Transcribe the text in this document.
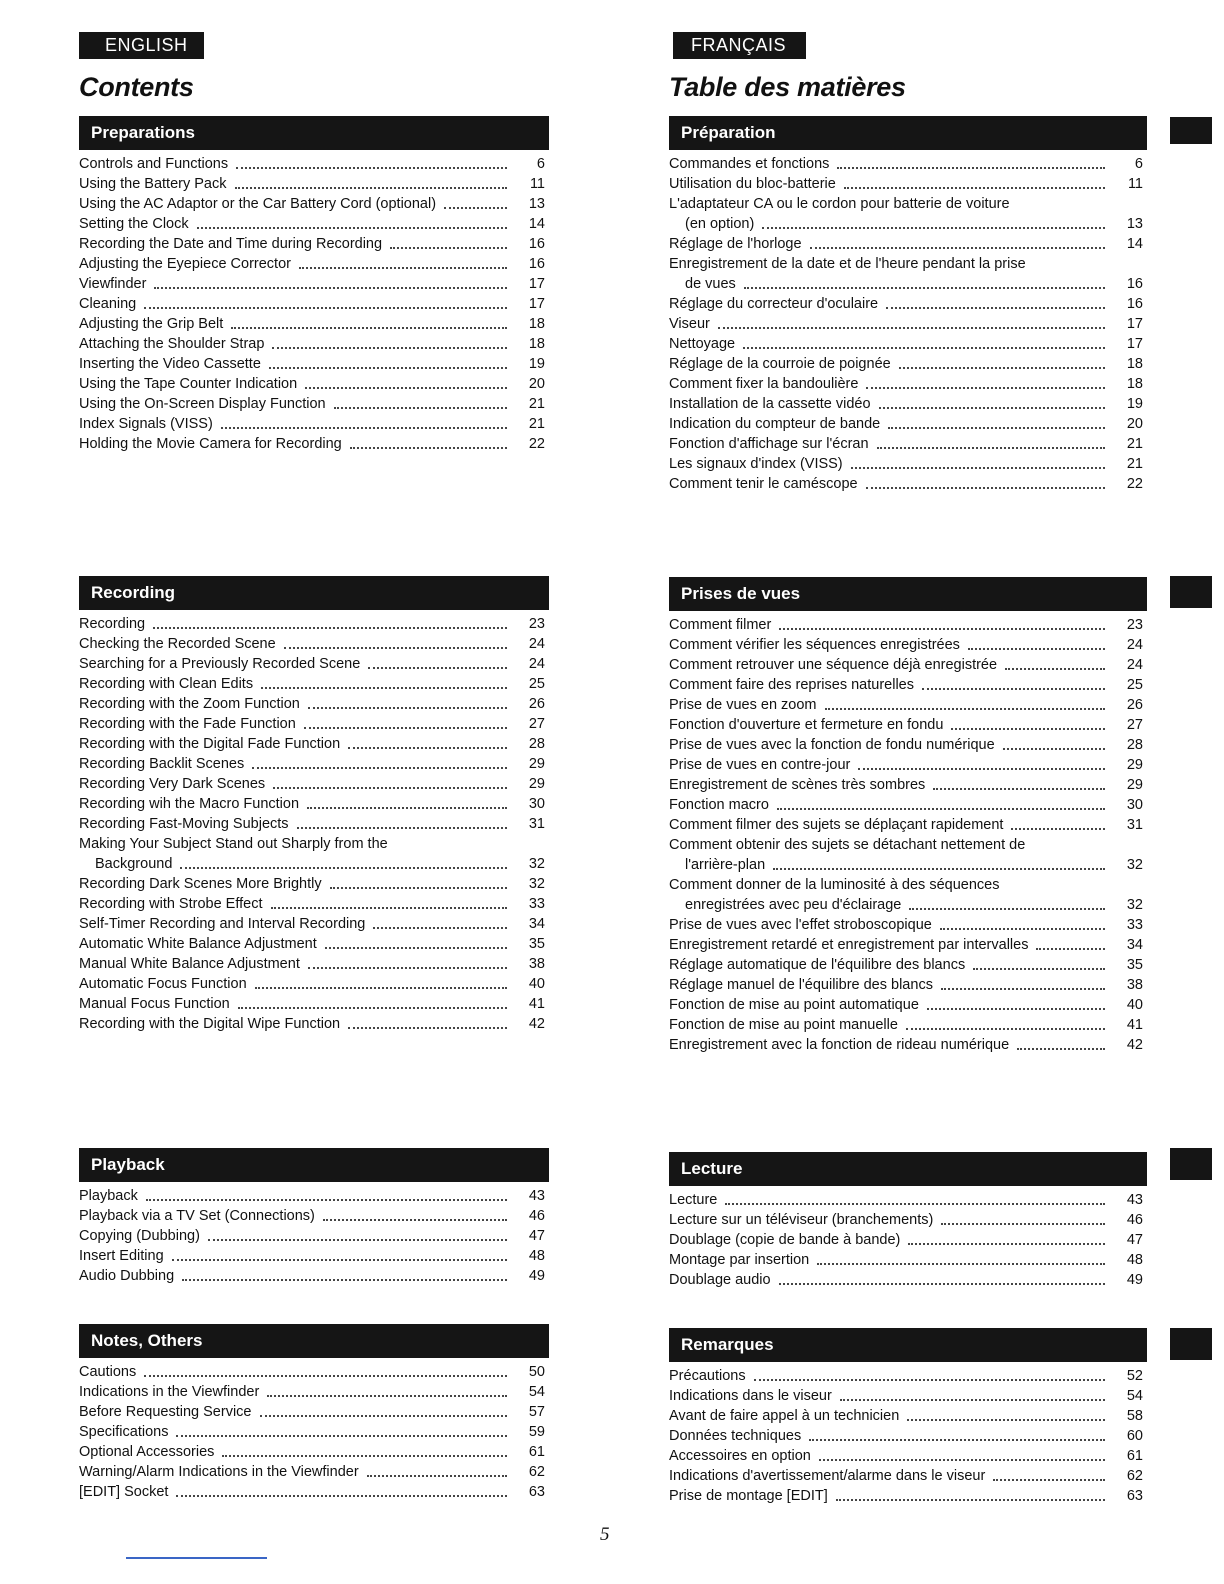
ENGLISH
Contents
Preparations
Controls and Functions	6
Using the Battery Pack	11
Using the AC Adaptor or the Car Battery Cord (optional)	13
Setting the Clock	14
Recording the Date and Time during Recording	16
Adjusting the Eyepiece Corrector	16
Viewfinder	17
Cleaning	17
Adjusting the Grip Belt	18
Attaching the Shoulder Strap	18
Inserting the Video Cassette	19
Using the Tape Counter Indication	20
Using the On-Screen Display Function	21
Index Signals (VISS)	21
Holding the Movie Camera for Recording	22
Recording
Recording	23
Checking the Recorded Scene	24
Searching for a Previously Recorded Scene	24
Recording with Clean Edits	25
Recording with the Zoom Function	26
Recording with the Fade Function	27
Recording with the Digital Fade Function	28
Recording Backlit Scenes	29
Recording Very Dark Scenes	29
Recording wih the Macro Function	30
Recording Fast-Moving Subjects	31
Making Your Subject Stand out Sharply from the
Background	32
Recording Dark Scenes More Brightly	32
Recording with Strobe Effect	33
Self-Timer Recording and Interval Recording	34
Automatic White Balance Adjustment	35
Manual White Balance Adjustment	38
Automatic Focus Function	40
Manual Focus Function	41
Recording with the Digital Wipe Function	42
Playback
Playback	43
Playback via a TV Set (Connections)	46
Copying (Dubbing)	47
Insert Editing	48
Audio Dubbing	49
Notes, Others
Cautions	50
Indications in the Viewfinder	54
Before Requesting Service	57
Specifications	59
Optional Accessories	61
Warning/Alarm Indications in the Viewfinder	62
[EDIT] Socket	63
FRANÇAIS
Table des matières
Préparation
Commandes et fonctions	6
Utilisation du bloc-batterie	11
L'adaptateur CA ou le cordon pour batterie de voiture
(en option)	13
Réglage de l'horloge	14
Enregistrement de la date et de l'heure pendant la prise
de vues	16
Réglage du correcteur d'oculaire	16
Viseur	17
Nettoyage	17
Réglage de la courroie de poignée	18
Comment fixer la bandoulière	18
Installation de la cassette vidéo	19
Indication du compteur de bande	20
Fonction d'affichage sur l'écran	21
Les signaux d'index (VISS)	21
Comment tenir le caméscope	22
Prises de vues
Comment filmer	23
Comment vérifier les séquences enregistrées	24
Comment retrouver une séquence déjà enregistrée	24
Comment faire des reprises naturelles	25
Prise de vues en zoom	26
Fonction d'ouverture et fermeture en fondu	27
Prise de vues avec la fonction de fondu numérique	28
Prise de vues en contre-jour	29
Enregistrement de scènes très sombres	29
Fonction macro	30
Comment filmer des sujets se déplaçant rapidement	31
Comment obtenir des sujets se détachant nettement de
l'arrière-plan	32
Comment donner de la luminosité à des séquences
enregistrées avec peu d'éclairage	32
Prise de vues avec l'effet stroboscopique	33
Enregistrement retardé et enregistrement par intervalles	34
Réglage automatique de l'équilibre des blancs	35
Réglage manuel de l'équilibre des blancs	38
Fonction de mise au point automatique	40
Fonction de mise au point manuelle	41
Enregistrement avec la fonction de rideau numérique	42
Lecture
Lecture	43
Lecture sur un téléviseur (branchements)	46
Doublage (copie de bande à bande)	47
Montage par insertion	48
Doublage audio	49
Remarques
Précautions	52
Indications dans le viseur	54
Avant de faire appel à un technicien	58
Données techniques	60
Accessoires en option	61
Indications d'avertissement/alarme dans le viseur	62
Prise de montage [EDIT]	63
5
